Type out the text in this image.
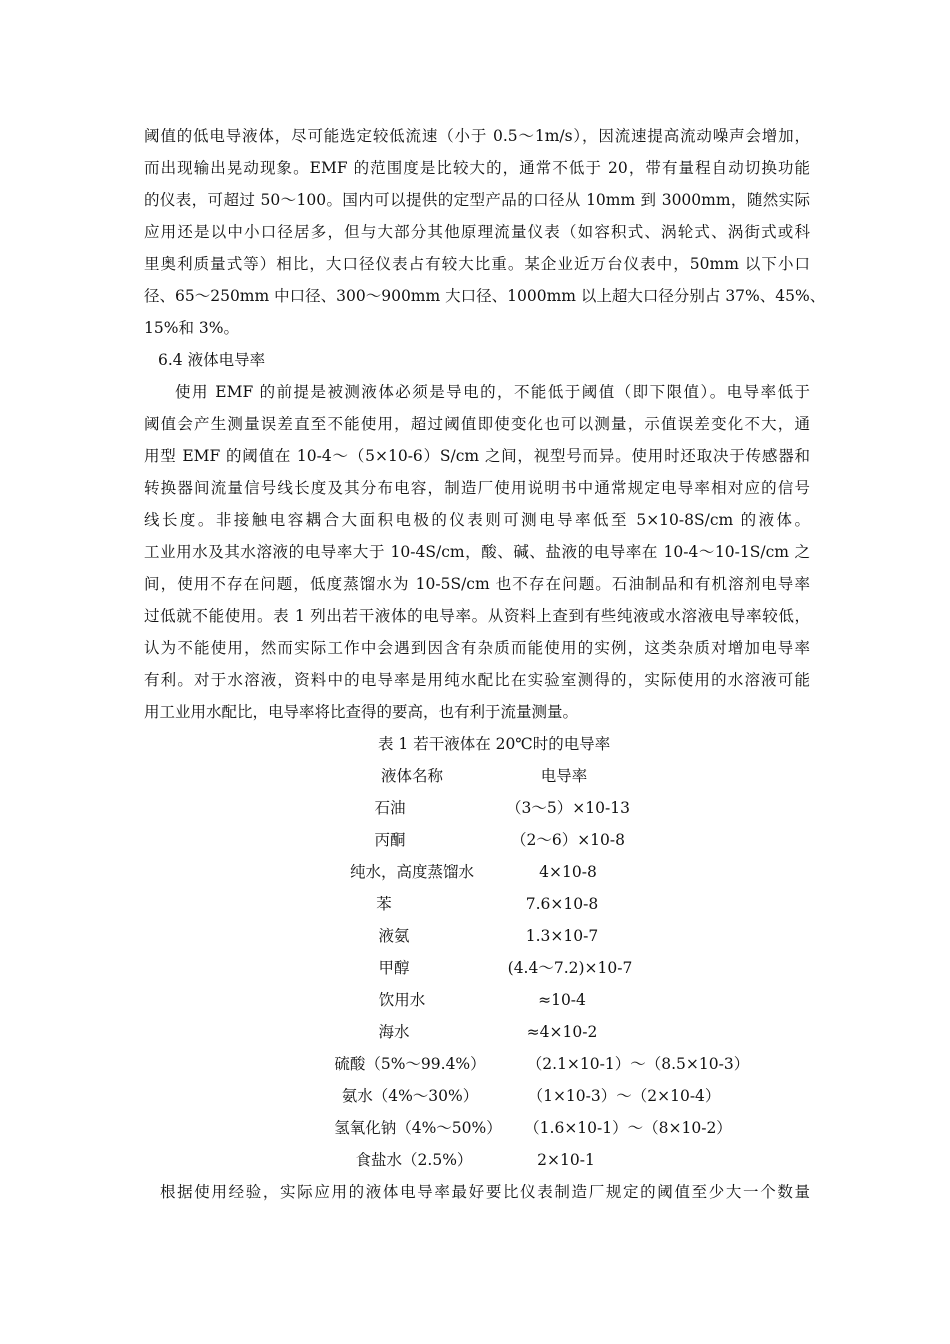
阈值的低电导液体，尽可能选定较低流速（小于 0.5～1m/s），因流速提高流动噪声会增加，
而出现输出晃动现象。EMF 的范围度是比较大的，通常不低于 20，带有量程自动切换功能
的仪表，可超过 50～100。国内可以提供的定型产品的口径从 10mm 到 3000mm，随然实际
应用还是以中小口径居多，但与大部分其他原理流量仪表（如容积式、涡轮式、涡街式或科
里奥利质量式等）相比，大口径仪表占有较大比重。某企业近万台仪表中，50mm 以下小口
径、65～250mm 中口径、300～900mm 大口径、1000mm 以上超大口径分别占 37%、45%、
15%和 3%。
6.4 液体电导率
使用 EMF 的前提是被测液体必须是导电的，不能低于阈值（即下限值）。电导率低于
阈值会产生测量误差直至不能使用，超过阈值即使变化也可以测量，示值误差变化不大，通
用型 EMF 的阈值在 10-4～（5×10-6）S/cm 之间，视型号而异。使用时还取决于传感器和
转换器间流量信号线长度及其分布电容，制造厂使用说明书中通常规定电导率相对应的信号
线长度。非接触电容耦合大面积电极的仪表则可测电导率低至 5×10-8S/cm 的液体。
工业用水及其水溶液的电导率大于 10-4S/cm，酸、碱、盐液的电导率在 10-4～10-1S/cm 之
间，使用不存在问题，低度蒸馏水为 10-5S/cm 也不存在问题。石油制品和有机溶剂电导率
过低就不能使用。表 1 列出若干液体的电导率。从资料上查到有些纯液或水溶液电导率较低，
认为不能使用，然而实际工作中会遇到因含有杂质而能使用的实例，这类杂质对增加电导率
有利。对于水溶液，资料中的电导率是用纯水配比在实验室测得的，实际使用的水溶液可能
用工业用水配比，电导率将比查得的要高，也有利于流量测量。
表 1 若干液体在 20℃时的电导率
液体名称	电导率
石油	（3～5）×10-13
丙酮	（2～6）×10-8
纯水，高度蒸馏水	4×10-8
苯	7.6×10-8
液氨	1.3×10-7
甲醇	(4.4～7.2)×10-7
饮用水	≈10-4
海水	≈4×10-2
硫酸（5%～99.4%）	（2.1×10-1）～（8.5×10-3）
氨水（4%～30%）	（1×10-3）～（2×10-4）
氢氧化钠（4%～50%）	（1.6×10-1）～（8×10-2）
食盐水（2.5%）	2×10-1
根据使用经验，实际应用的液体电导率最好要比仪表制造厂规定的阈值至少大一个数量
